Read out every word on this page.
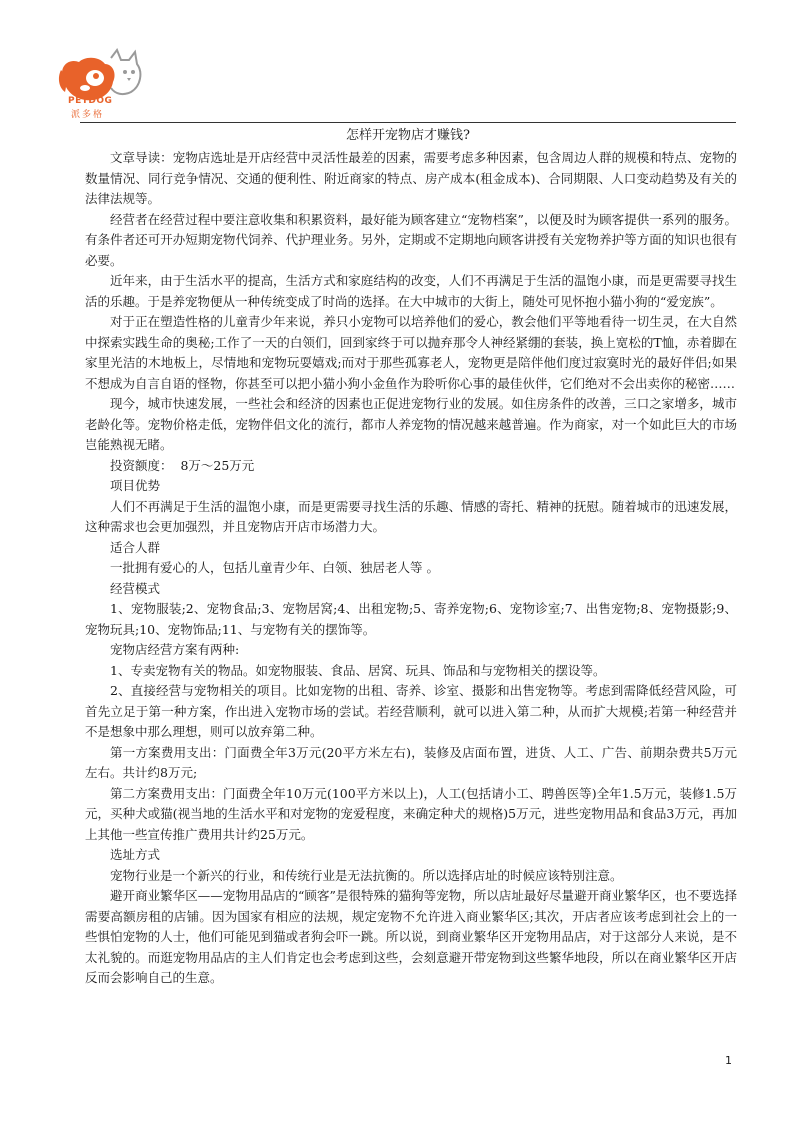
PETDOG
派多格
怎样开宠物店才赚钱?

文章导读：宠物店选址是开店经营中灵活性最差的因素，需要考虑多种因素，包含周边人群的规模和特点、宠物的数量情况、同行竞争情况、交通的便利性、附近商家的特点、房产成本(租金成本)、合同期限、人口变动趋势及有关的法律法规等。

经营者在经营过程中要注意收集和积累资料，最好能为顾客建立“宠物档案”，以便及时为顾客提供一系列的服务。有条件者还可开办短期宠物代饲养、代护理业务。另外，定期或不定期地向顾客讲授有关宠物养护等方面的知识也很有必要。

近年来，由于生活水平的提高，生活方式和家庭结构的改变，人们不再满足于生活的温饱小康，而是更需要寻找生活的乐趣。于是养宠物便从一种传统变成了时尚的选择。在大中城市的大街上，随处可见怀抱小猫小狗的“爱宠族”。

对于正在塑造性格的儿童青少年来说，养只小宠物可以培养他们的爱心，教会他们平等地看待一切生灵，在大自然中探索实践生命的奥秘;工作了一天的白领们，回到家终于可以抛弃那令人神经紧绷的套装，换上宽松的T恤，赤着脚在家里光洁的木地板上，尽情地和宠物玩耍嬉戏;而对于那些孤寡老人，宠物更是陪伴他们度过寂寞时光的最好伴侣;如果不想成为自言自语的怪物，你甚至可以把小猫小狗小金鱼作为聆听你心事的最佳伙伴，它们绝对不会出卖你的秘密……

现今，城市快速发展，一些社会和经济的因素也正促进宠物行业的发展。如住房条件的改善，三口之家增多，城市老龄化等。宠物价格走低，宠物伴侣文化的流行，都市人养宠物的情况越来越普遍。作为商家，对一个如此巨大的市场岂能熟视无睹。

投资额度：  8万～25万元

项目优势

人们不再满足于生活的温饱小康，而是更需要寻找生活的乐趣、情感的寄托、精神的抚慰。随着城市的迅速发展，这种需求也会更加强烈，并且宠物店开店市场潜力大。

适合人群

一批拥有爱心的人，包括儿童青少年、白领、独居老人等 。

经营模式

1、宠物服装;2、宠物食品;3、宠物居窝;4、出租宠物;5、寄养宠物;6、宠物诊室;7、出售宠物;8、宠物摄影;9、宠物玩具;10、宠物饰品;11、与宠物有关的摆饰等。

宠物店经营方案有两种:

1、专卖宠物有关的物品。如宠物服装、食品、居窝、玩具、饰品和与宠物相关的摆设等。

2、直接经营与宠物相关的项目。比如宠物的出租、寄养、诊室、摄影和出售宠物等。考虑到需降低经营风险，可首先立足于第一种方案，作出进入宠物市场的尝试。若经营顺利，就可以进入第二种，从而扩大规模;若第一种经营并不是想象中那么理想，则可以放弃第二种。

第一方案费用支出：门面费全年3万元(20平方米左右)，装修及店面布置，进货、人工、广告、前期杂费共5万元左右。共计约8万元;

第二方案费用支出：门面费全年10万元(100平方米以上)，人工(包括请小工、聘兽医等)全年1.5万元，装修1.5万元，买种犬或猫(视当地的生活水平和对宠物的宠爱程度，来确定种犬的规格)5万元，进些宠物用品和食品3万元，再加上其他一些宣传推广费用共计约25万元。

选址方式

宠物行业是一个新兴的行业，和传统行业是无法抗衡的。所以选择店址的时候应该特别注意。

避开商业繁华区——宠物用品店的“顾客”是很特殊的猫狗等宠物，所以店址最好尽量避开商业繁华区，也不要选择需要高额房租的店铺。因为国家有相应的法规，规定宠物不允许进入商业繁华区;其次，开店者应该考虑到社会上的一些惧怕宠物的人士，他们可能见到猫或者狗会吓一跳。所以说，到商业繁华区开宠物用品店，对于这部分人来说，是不太礼貌的。而逛宠物用品店的主人们肯定也会考虑到这些，会刻意避开带宠物到这些繁华地段，所以在商业繁华区开店反而会影响自己的生意。

1
